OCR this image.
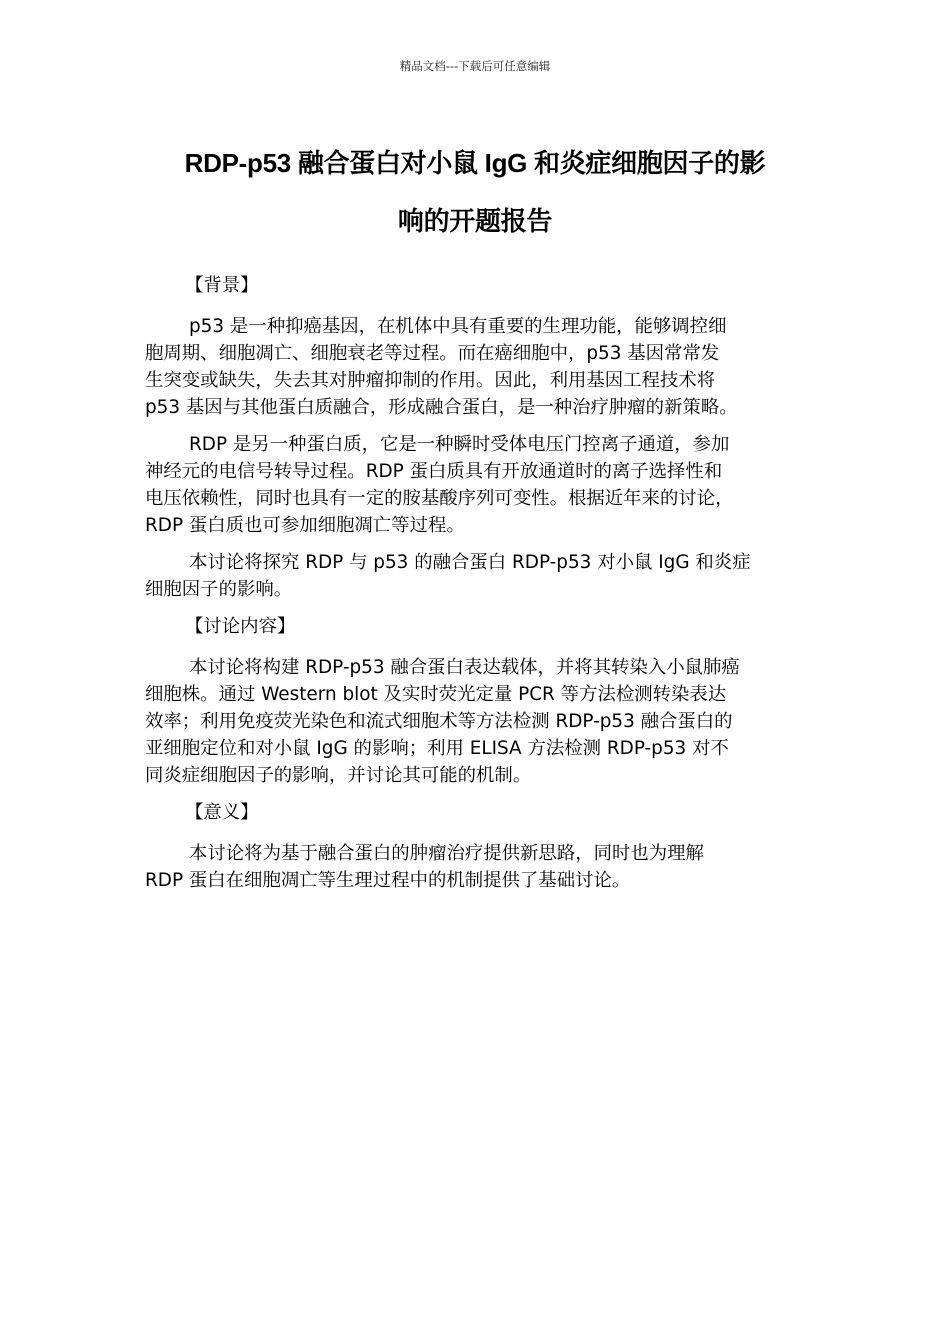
精品文档---下载后可任意编辑
RDP-p53 融合蛋白对小鼠 IgG 和炎症细胞因子的影
响的开题报告
【背景】
p53 是一种抑癌基因，在机体中具有重要的生理功能，能够调控细
胞周期、细胞凋亡、细胞衰老等过程。而在癌细胞中，p53 基因常常发
生突变或缺失，失去其对肿瘤抑制的作用。因此，利用基因工程技术将
p53 基因与其他蛋白质融合，形成融合蛋白，是一种治疗肿瘤的新策略。
RDP 是另一种蛋白质，它是一种瞬时受体电压门控离子通道，参加
神经元的电信号转导过程。RDP 蛋白质具有开放通道时的离子选择性和
电压依赖性，同时也具有一定的胺基酸序列可变性。根据近年来的讨论，
RDP 蛋白质也可参加细胞凋亡等过程。
本讨论将探究 RDP 与 p53 的融合蛋白 RDP-p53 对小鼠 IgG 和炎症
细胞因子的影响。
【讨论内容】
本讨论将构建 RDP-p53 融合蛋白表达载体，并将其转染入小鼠肺癌
细胞株。通过 Western blot 及实时荧光定量 PCR 等方法检测转染表达
效率；利用免疫荧光染色和流式细胞术等方法检测 RDP-p53 融合蛋白的
亚细胞定位和对小鼠 IgG 的影响；利用 ELISA 方法检测 RDP-p53 对不
同炎症细胞因子的影响，并讨论其可能的机制。
【意义】
本讨论将为基于融合蛋白的肿瘤治疗提供新思路，同时也为理解
RDP 蛋白在细胞凋亡等生理过程中的机制提供了基础讨论。
